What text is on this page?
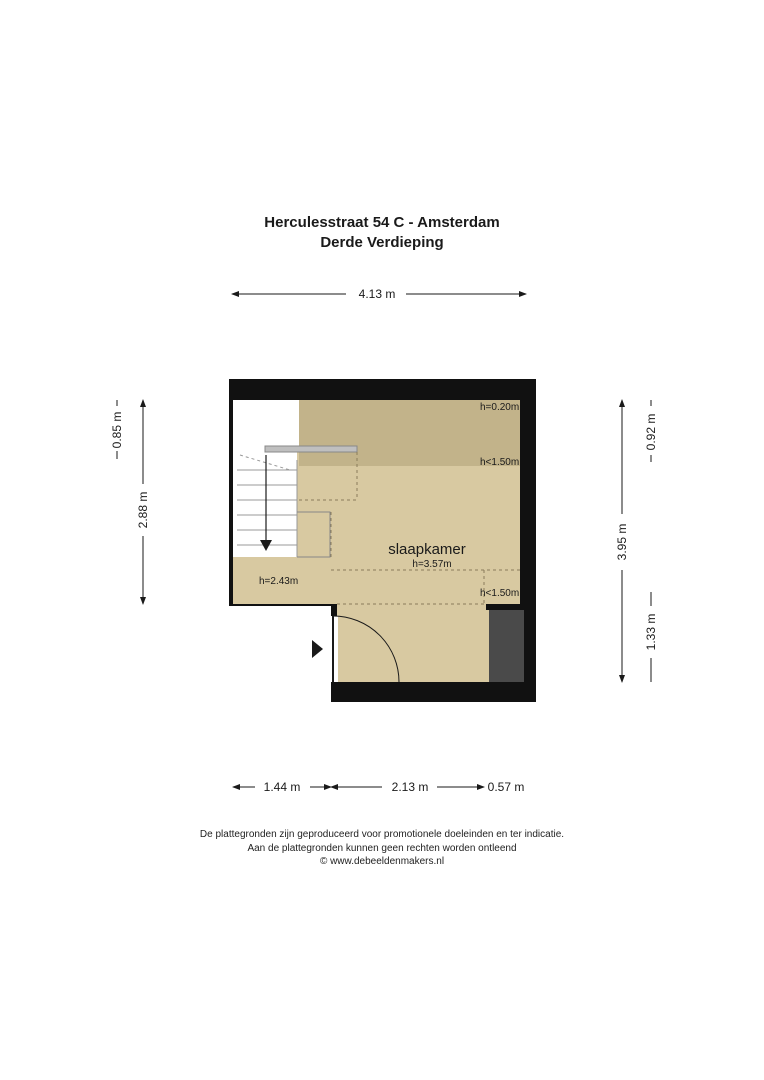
Herculesstraat 54 C - Amsterdam
Derde Verdieping
4.13 m
slaapkamer
h=3.57m
h=0.20m
h<1.50m
h<1.50m
h=2.43m
0.85 m
2.88 m
3.95 m
0.92 m
1.33 m
1.44 m	2.13 m	0.57 m
De plattegronden zijn geproduceerd voor promotionele doeleinden en ter indicatie.
Aan de plattegronden kunnen geen rechten worden ontleend
© www.debeeldenmakers.nl
